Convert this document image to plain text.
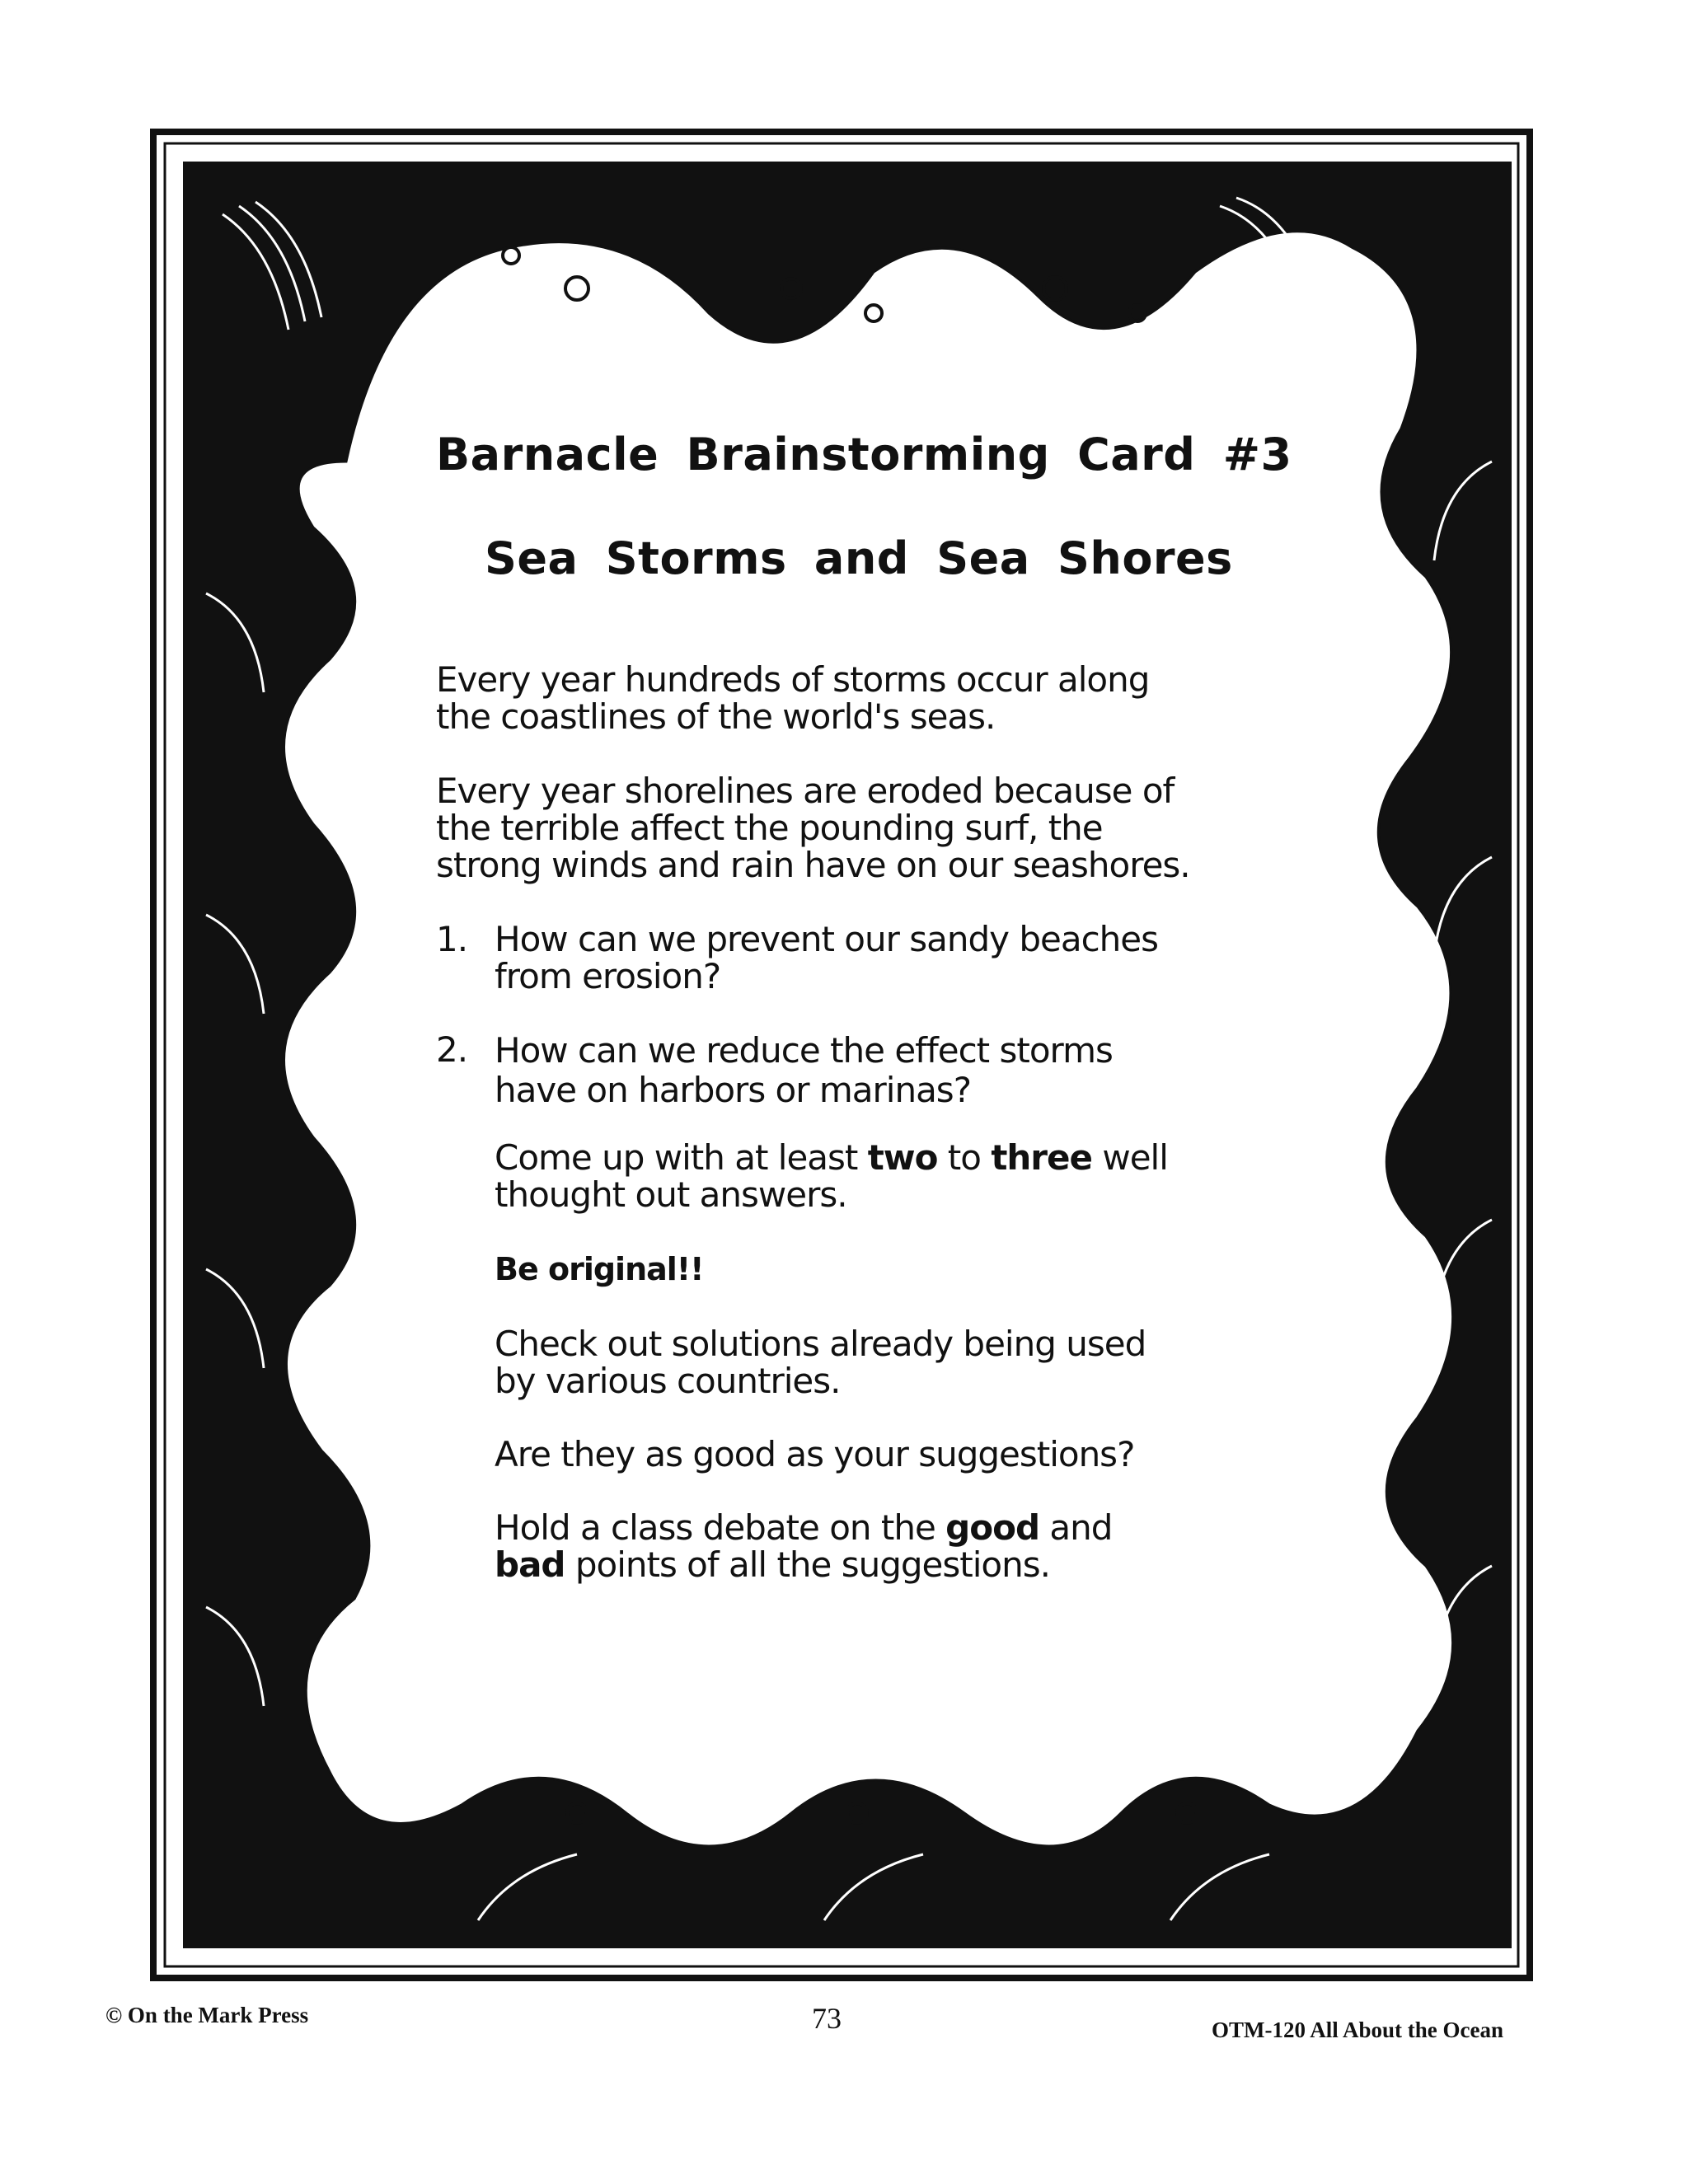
Barnacle Brainstorming Card #3
Sea Storms and Sea Shores
Every year hundreds of storms occur along
the coastlines of the world's seas.
Every year shorelines are eroded because of
the terrible affect the pounding surf, the
strong winds and rain have on our seashores.
1. How can we prevent our sandy beaches
from erosion?
2. How can we reduce the effect storms
have on harbors or marinas?
Come up with at least two to three well
thought out answers.
Be original!!
Check out solutions already being used
by various countries.
Are they as good as your suggestions?
Hold a class debate on the good and
bad points of all the suggestions.
© On the Mark Press	73	OTM-120 All About the Ocean
